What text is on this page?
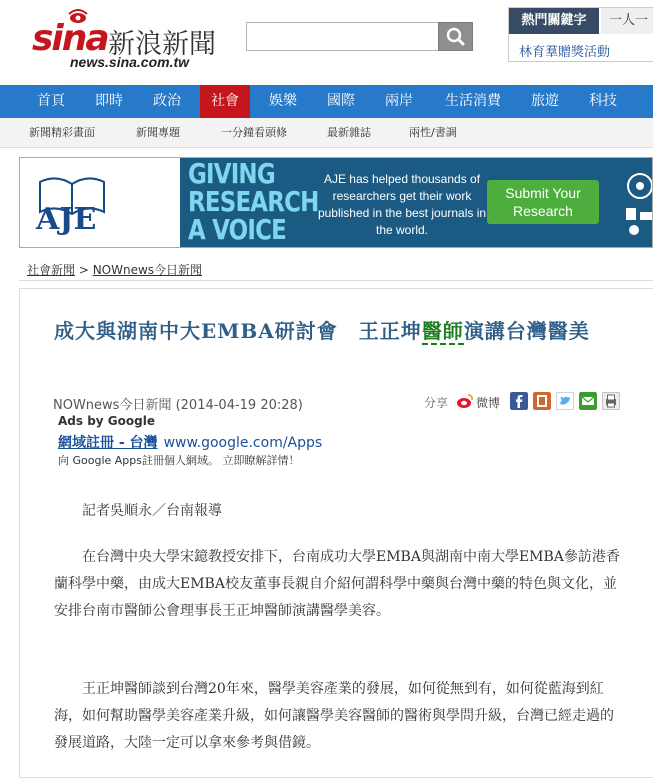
sina 新浪新聞
news.sina.com.tw
熱門關鍵字	一人一
林育羣贈獎活動
首頁	即時	政治	社會	娛樂	國際	兩岸	生活消費	旅遊	科技
新聞精彩畫面	新聞專題	一分鐘看頭條	最新雜誌	兩性/書調
AJE
GIVING
RESEARCH
A VOICE
AJE has helped thousands of researchers get their work published in the best journals in the world.
Submit Your Research
社會新聞 > NOWnews今日新聞
成大與湖南中大EMBA研討會　王正坤醫師演講台灣醫美
NOWnews今日新聞 (2014-04-19 20:28)	分享 微博
Ads by Google
網域註冊 - 台灣 www.google.com/Apps
向 Google Apps註冊個人網域。 立即瞭解詳情！
記者吳順永／台南報導
在台灣中央大學宋鐿教授安排下，台南成功大學EMBA與湖南中南大學EMBA參訪港香蘭科學中藥，由成大EMBA校友董事長親自介紹何謂科學中藥與台灣中藥的特色與文化，並安排台南市醫師公會理事長王正坤醫師演講醫學美容。
王正坤醫師談到台灣20年來，醫學美容產業的發展，如何從無到有，如何從藍海到紅海，如何幫助醫學美容產業升級，如何讓醫學美容醫師的醫術與學問升級，台灣已經走過的發展道路，大陸一定可以拿來參考與借鏡。
